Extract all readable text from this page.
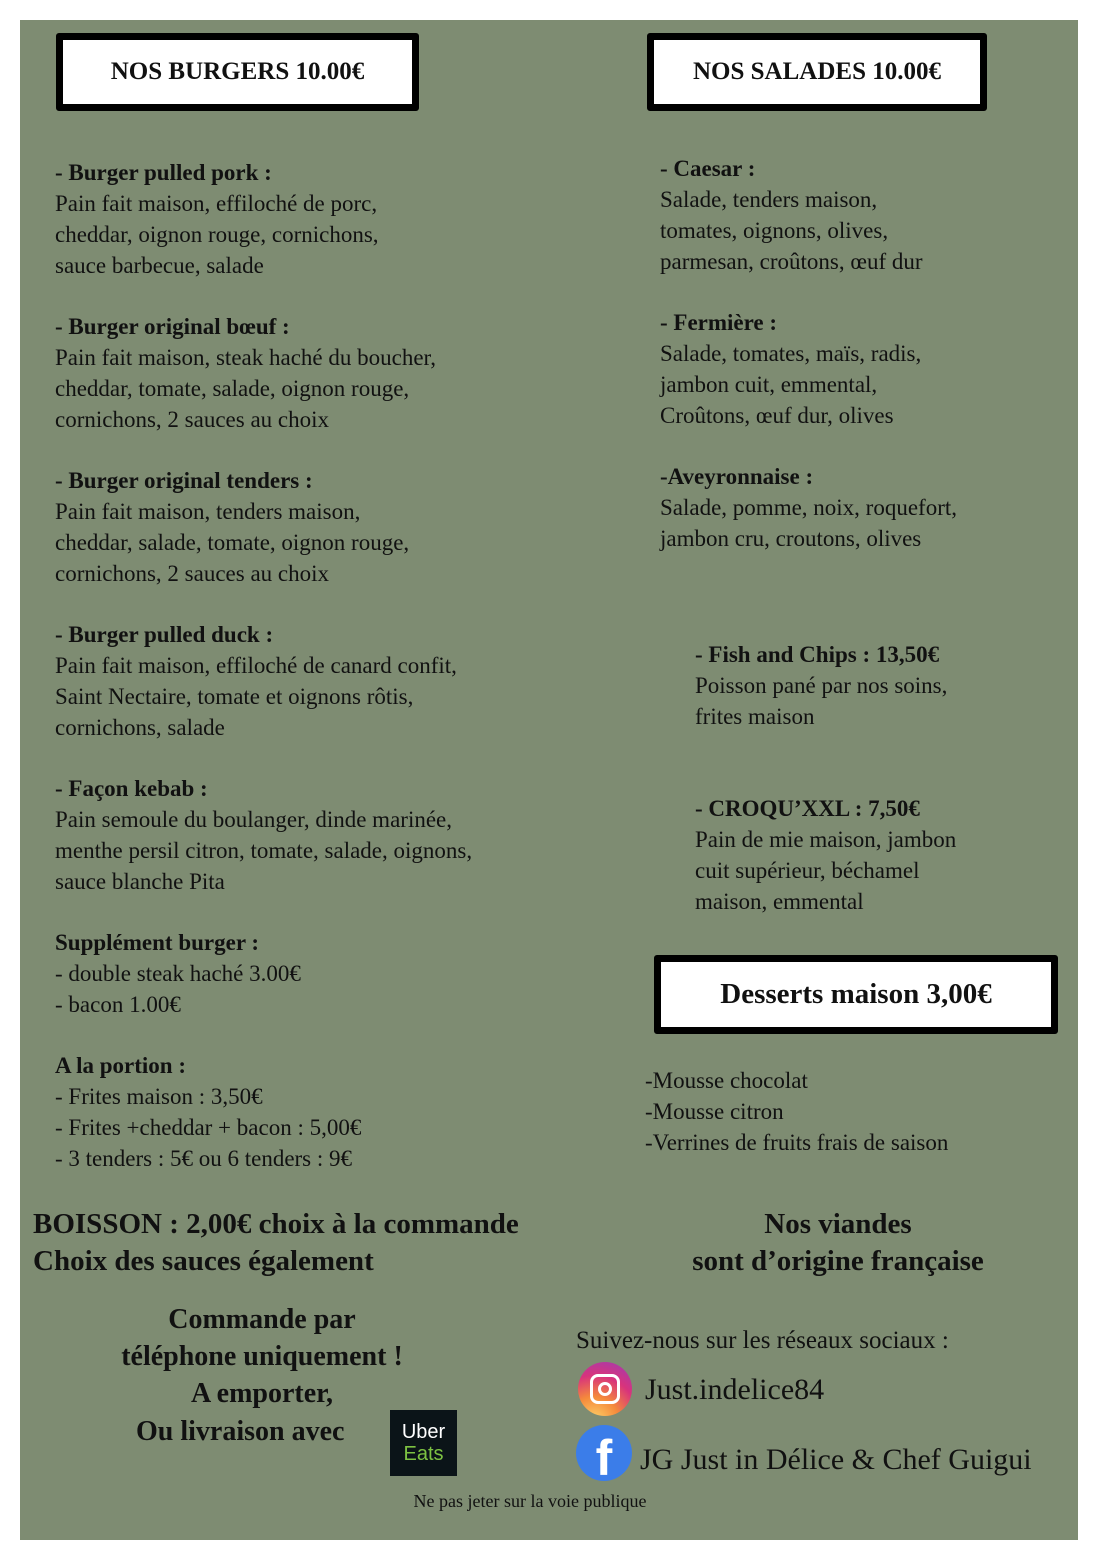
NOS BURGERS 10.00€	NOS SALADES 10.00€
Desserts maison 3,00€
- Burger pulled pork :
Pain fait maison, effiloché de porc,
cheddar, oignon rouge, cornichons,
sauce barbecue, salade
- Burger original bœuf :
Pain fait maison, steak haché du boucher,
cheddar, tomate, salade, oignon rouge,
cornichons, 2 sauces au choix
- Burger original tenders :
Pain fait maison, tenders maison,
cheddar, salade, tomate, oignon rouge,
cornichons, 2 sauces au choix
- Burger pulled duck :
Pain fait maison, effiloché de canard confit,
Saint Nectaire, tomate et oignons rôtis,
cornichons, salade
- Façon kebab :
Pain semoule du boulanger, dinde marinée,
menthe persil citron, tomate, salade, oignons,
sauce blanche Pita
Supplément burger :
- double steak haché 3.00€
- bacon 1.00€
A la portion :
- Frites maison : 3,50€
- Frites +cheddar + bacon : 5,00€
- 3 tenders : 5€ ou 6 tenders : 9€
- Caesar :
Salade, tenders maison,
tomates, oignons, olives,
parmesan, croûtons, œuf dur
- Fermière :
Salade, tomates, maïs, radis,
jambon cuit, emmental,
Croûtons, œuf dur, olives
-Aveyronnaise :
Salade, pomme, noix, roquefort,
jambon cru, croutons, olives
- Fish and Chips : 13,50€
Poisson pané par nos soins,
frites maison
- CROQU’XXL : 7,50€
Pain de mie maison, jambon
cuit supérieur, béchamel
maison, emmental
-Mousse chocolat
-Mousse citron
-Verrines de fruits frais de saison
BOISSON : 2,00€ choix à la commande
Choix des sauces également
Nos viandes
sont d’origine française
Commande par
téléphone uniquement !
A emporter,
Ou livraison avec	Uber
Eats
Suivez-nous sur les réseaux sociaux :
Just.indelice84
f JG Just in Délice & Chef Guigui
Ne pas jeter sur la voie publique
